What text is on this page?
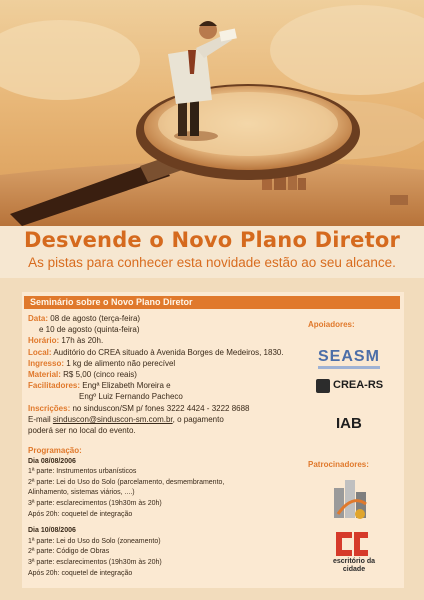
Desvende o Novo Plano Diretor
As pistas para conhecer esta novidade estão ao seu alcance.
Seminário sobre o Novo Plano Diretor
Data: 08 de agosto (terça-feira)
e 10 de agosto (quinta-feira)
Horário: 17h às 20h.
Local: Auditório do CREA situado à Avenida Borges de Medeiros, 1830.
Ingresso: 1 kg de alimento não perecível
Material: R$ 5,00 (cinco reais)
Facilitadores: Engª Elizabeth Moreira e
Engº Luiz Fernando Pacheco
Inscrições: no sinduscon/SM p/ fones 3222 4424 - 3222 8688
E-mail sinduscon@sinduscon-sm.com.br, o pagamento
poderá ser no local do evento.
Programação:
Dia 08/08/2006
1ª parte: Instrumentos urbanísticos
2ª parte: Lei do Uso do Solo (parcelamento, desmembramento,
Alinhamento, sistemas viários, ....)
3ª parte: esclarecimentos (19h30m às 20h)
Após 20h: coquetel de integração
Dia 10/08/2006
1ª parte: Lei do Uso do Solo (zoneamento)
2ª parte: Código de Obras
3ª parte: esclarecimentos (19h30m às 20h)
Após 20h: coquetel de integração
Apoiadores:
SEASM
CREA-RS
IAB
Patrocinadores:
escritório da cidade
